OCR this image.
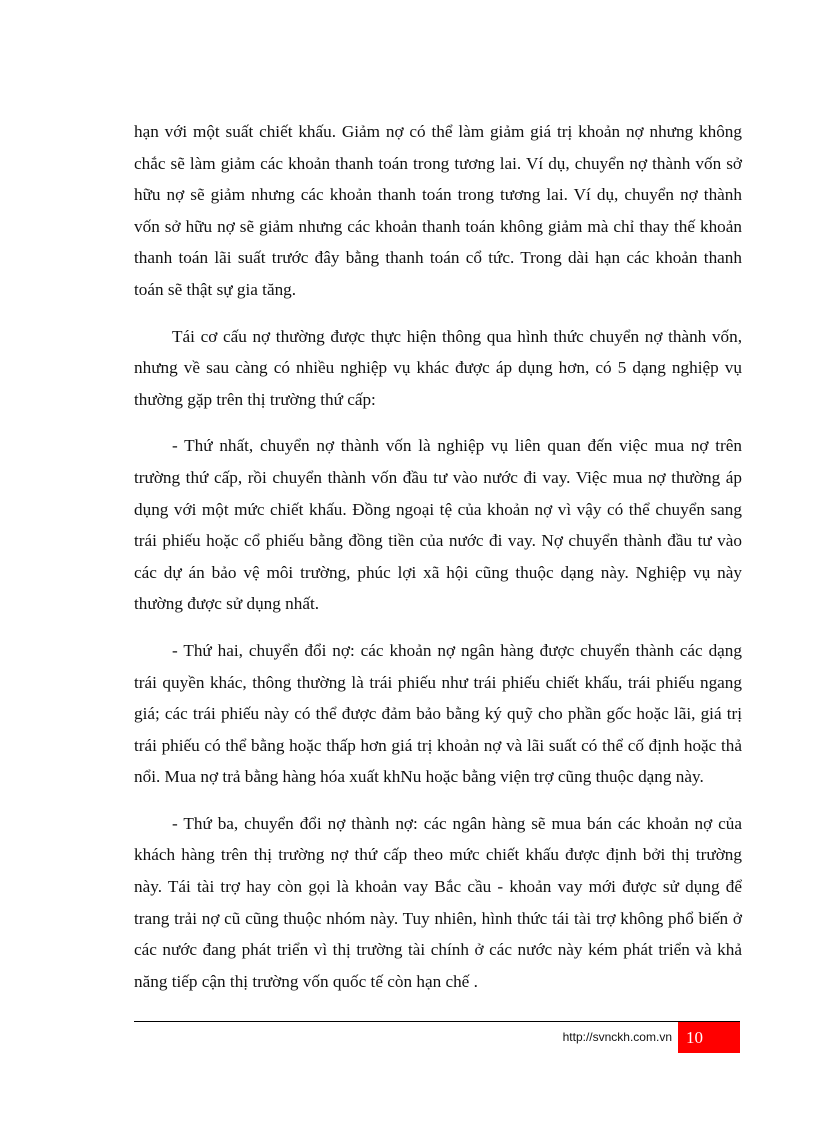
hạn với một suất chiết khấu. Giảm nợ có thể làm giảm giá trị khoản nợ nhưng không chắc sẽ làm giảm các khoản thanh toán trong tương lai. Ví dụ, chuyển nợ thành vốn sở hữu nợ sẽ giảm nhưng các khoản thanh toán trong tương lai. Ví dụ, chuyển nợ thành vốn sở hữu nợ sẽ giảm nhưng các khoản thanh toán không giảm mà chỉ thay thế khoản thanh toán lãi suất trước đây bằng thanh toán cổ tức. Trong dài hạn các khoản thanh toán sẽ thật sự gia tăng.

Tái cơ cấu nợ thường được thực hiện thông qua hình thức chuyển nợ thành vốn, nhưng về sau càng có nhiều nghiệp vụ khác được áp dụng hơn, có 5 dạng nghiệp vụ thường gặp trên thị trường thứ cấp:

- Thứ nhất, chuyển nợ thành vốn là nghiệp vụ liên quan đến việc mua nợ trên trường thứ cấp, rồi chuyển thành vốn đầu tư vào nước đi vay. Việc mua nợ thường áp dụng với một mức chiết khấu. Đồng ngoại tệ của khoản nợ vì vậy có thể chuyển sang trái phiếu hoặc cổ phiếu bằng đồng tiền của nước đi vay. Nợ chuyển thành đầu tư vào các dự án bảo vệ môi trường, phúc lợi xã hội cũng thuộc dạng này. Nghiệp vụ này thường được sử dụng nhất.

- Thứ hai, chuyển đổi nợ: các khoản nợ ngân hàng được chuyển thành các dạng trái quyền khác, thông thường là trái phiếu như trái phiếu chiết khấu, trái phiếu ngang giá; các trái phiếu này có thể được đảm bảo bằng ký quỹ cho phần gốc hoặc lãi, giá trị trái phiếu có thể bằng hoặc thấp hơn giá trị khoản nợ và lãi suất có thể cố định hoặc thả nổi. Mua nợ trả bằng hàng hóa xuất khNu hoặc bằng viện trợ cũng thuộc dạng này.

- Thứ ba, chuyển đổi nợ thành nợ: các ngân hàng sẽ mua bán các khoản nợ của khách hàng trên thị trường nợ thứ cấp theo mức chiết khấu được định bởi thị trường này. Tái tài trợ hay còn gọi là khoản vay Bắc cầu - khoản vay mới được sử dụng để trang trải nợ cũ cũng thuộc nhóm này. Tuy nhiên, hình thức tái tài trợ không phổ biến ở các nước đang phát triển vì thị trường tài chính ở các nước này kém phát triển và khả năng tiếp cận thị trường vốn quốc tế còn hạn chế .

http://svnckh.com.vn 10
